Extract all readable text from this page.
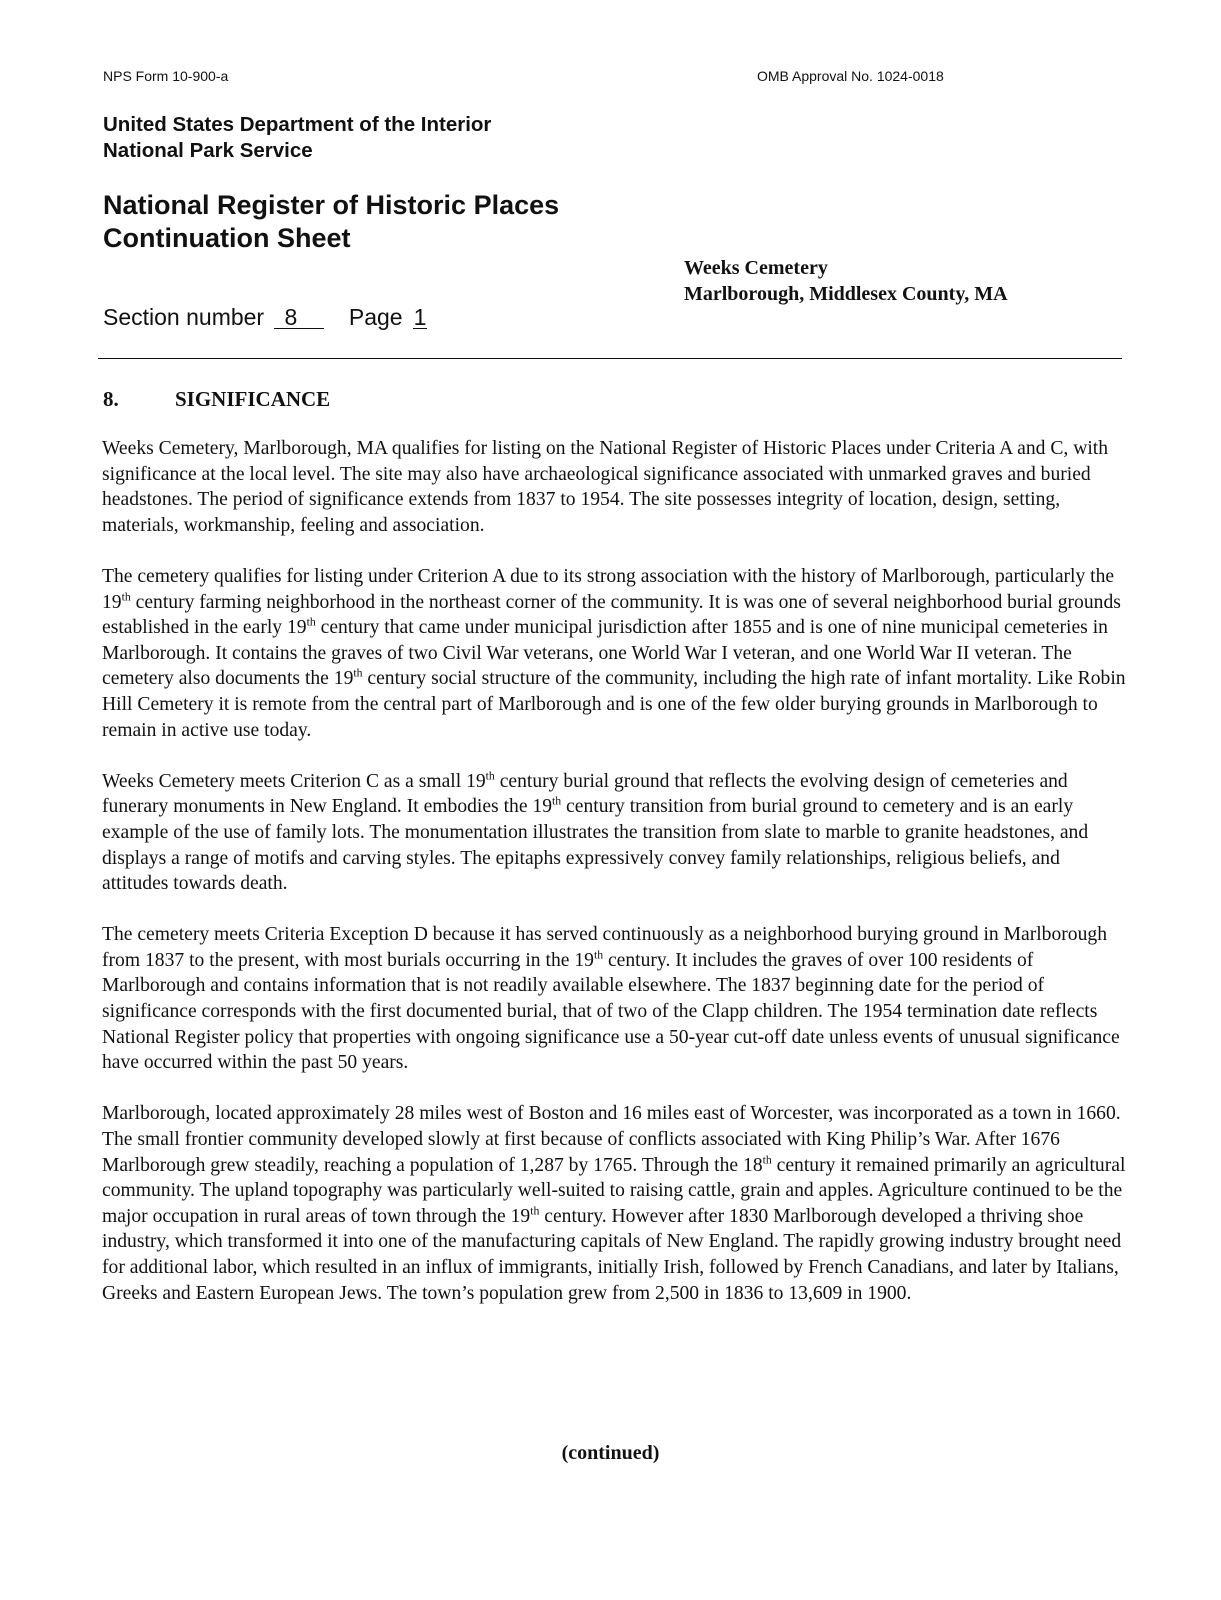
NPS Form 10-900-a	OMB Approval No. 1024-0018
United States Department of the Interior
National Park Service
National Register of Historic Places
Continuation Sheet
Weeks Cemetery
Marlborough, Middlesex County, MA
Section number 8 Page 1
8.	SIGNIFICANCE

Weeks Cemetery, Marlborough, MA qualifies for listing on the National Register of Historic Places under Criteria A and C, with significance at the local level. The site may also have archaeological significance associated with unmarked graves and buried headstones. The period of significance extends from 1837 to 1954. The site possesses integrity of location, design, setting, materials, workmanship, feeling and association.

The cemetery qualifies for listing under Criterion A due to its strong association with the history of Marlborough, particularly the 19th century farming neighborhood in the northeast corner of the community. It is was one of several neighborhood burial grounds established in the early 19th century that came under municipal jurisdiction after 1855 and is one of nine municipal cemeteries in Marlborough. It contains the graves of two Civil War veterans, one World War I veteran, and one World War II veteran. The cemetery also documents the 19th century social structure of the community, including the high rate of infant mortality. Like Robin Hill Cemetery it is remote from the central part of Marlborough and is one of the few older burying grounds in Marlborough to remain in active use today.

Weeks Cemetery meets Criterion C as a small 19th century burial ground that reflects the evolving design of cemeteries and funerary monuments in New England. It embodies the 19th century transition from burial ground to cemetery and is an early example of the use of family lots. The monumentation illustrates the transition from slate to marble to granite headstones, and displays a range of motifs and carving styles. The epitaphs expressively convey family relationships, religious beliefs, and attitudes towards death.

The cemetery meets Criteria Exception D because it has served continuously as a neighborhood burying ground in Marlborough from 1837 to the present, with most burials occurring in the 19th century. It includes the graves of over 100 residents of Marlborough and contains information that is not readily available elsewhere. The 1837 beginning date for the period of significance corresponds with the first documented burial, that of two of the Clapp children. The 1954 termination date reflects National Register policy that properties with ongoing significance use a 50-year cut-off date unless events of unusual significance have occurred within the past 50 years.

Marlborough, located approximately 28 miles west of Boston and 16 miles east of Worcester, was incorporated as a town in 1660. The small frontier community developed slowly at first because of conflicts associated with King Philip’s War. After 1676 Marlborough grew steadily, reaching a population of 1,287 by 1765. Through the 18th century it remained primarily an agricultural community. The upland topography was particularly well-suited to raising cattle, grain and apples. Agriculture continued to be the major occupation in rural areas of town through the 19th century. However after 1830 Marlborough developed a thriving shoe industry, which transformed it into one of the manufacturing capitals of New England. The rapidly growing industry brought need for additional labor, which resulted in an influx of immigrants, initially Irish, followed by French Canadians, and later by Italians, Greeks and Eastern European Jews. The town’s population grew from 2,500 in 1836 to 13,609 in 1900.

(continued)
